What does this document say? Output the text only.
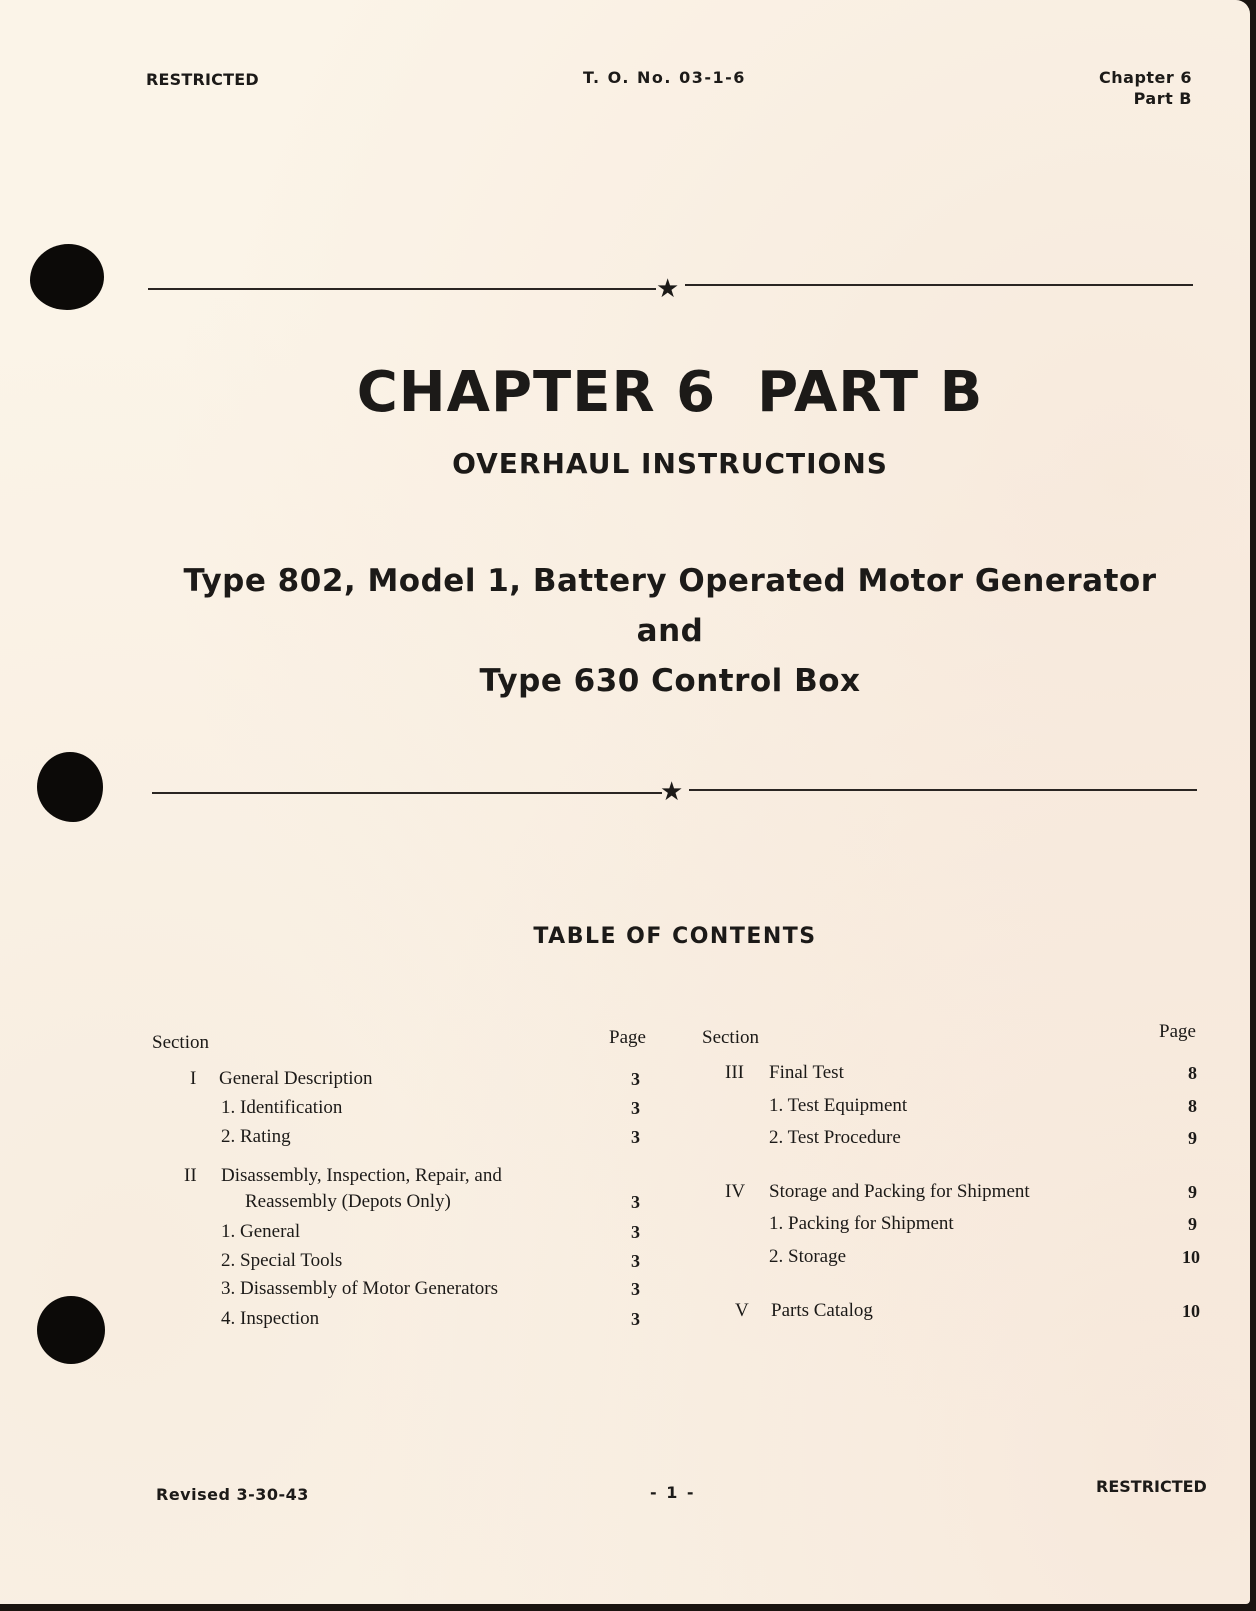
RESTRICTED	T. O. No. 03-1-6	Chapter 6
Part B
★
CHAPTER 6  PART B
OVERHAUL INSTRUCTIONS
Type 802, Model 1, Battery Operated Motor Generator
and
Type 630 Control Box
★
TABLE OF CONTENTS
Section	Page
I General Description	3
1. Identification	3
2. Rating	3
II Disassembly, Inspection, Repair, and
Reassembly (Depots Only)	3
1. General	3
2. Special Tools	3
3. Disassembly of Motor Generators	3
4. Inspection	3
Section	Page
III Final Test	8
1. Test Equipment	8
2. Test Procedure	9
IV Storage and Packing for Shipment	9
1. Packing for Shipment	9
2. Storage	10
V Parts Catalog	10
Revised 3-30-43	- 1 -	RESTRICTED
